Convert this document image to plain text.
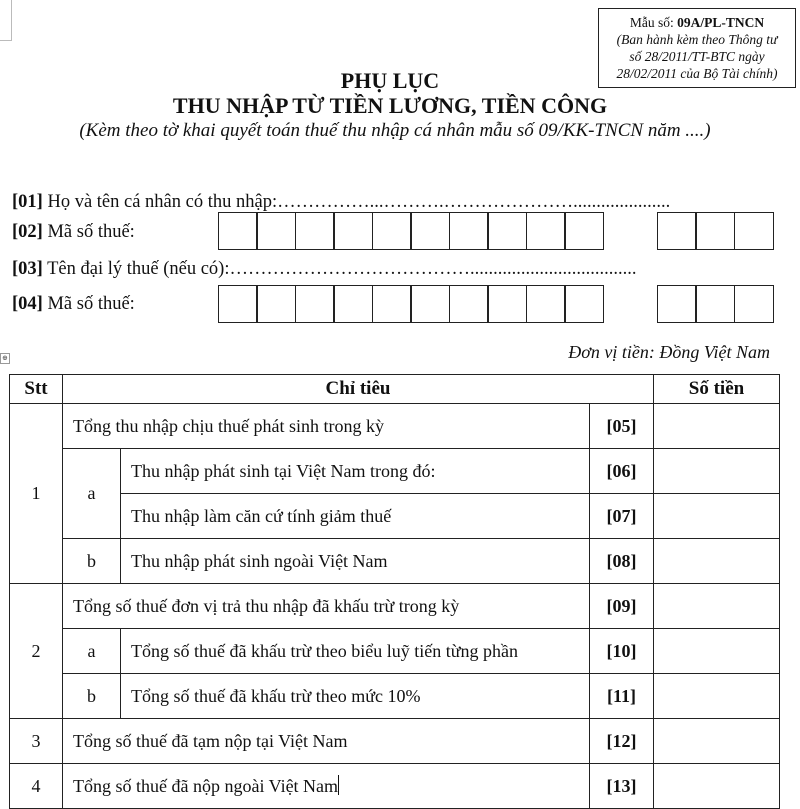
Mẫu số: 09A/PL-TNCN
(Ban hành kèm theo Thông tư
số 28/2011/TT-BTC ngày
28/02/2011 của Bộ Tài chính)
PHỤ LỤC
THU NHẬP TỪ TIỀN LƯƠNG, TIỀN CÔNG
(Kèm theo tờ khai quyết toán thuế thu nhập cá nhân mẫu số 09/KK-TNCN năm ....)
[01] Họ và tên cá nhân có thu nhập:……………...……….………………….....................
[02] Mã số thuế:
[03] Tên đại lý thuế (nếu có):…………………………………....................................
[04] Mã số thuế:
Đơn vị tiền: Đồng Việt Nam
⊕
Stt	Chỉ tiêu			Số tiền
1	Tổng thu nhập chịu thuế phát sinh trong kỳ		[05]	
	a	Thu nhập phát sinh tại Việt Nam trong đó:	[06]	
		Thu nhập làm căn cứ tính giảm thuế	[07]	
	b	Thu nhập phát sinh ngoài Việt Nam	[08]	
2	Tổng số thuế đơn vị trả thu nhập đã khấu trừ trong kỳ		[09]	
	a	Tổng số thuế đã khấu trừ theo biểu luỹ tiến từng phần	[10]	
	b	Tổng số thuế đã khấu trừ theo mức 10%	[11]	
3	Tổng số thuế đã tạm nộp tại Việt Nam		[12]	
4	Tổng số thuế đã nộp ngoài Việt Nam		[13]	
